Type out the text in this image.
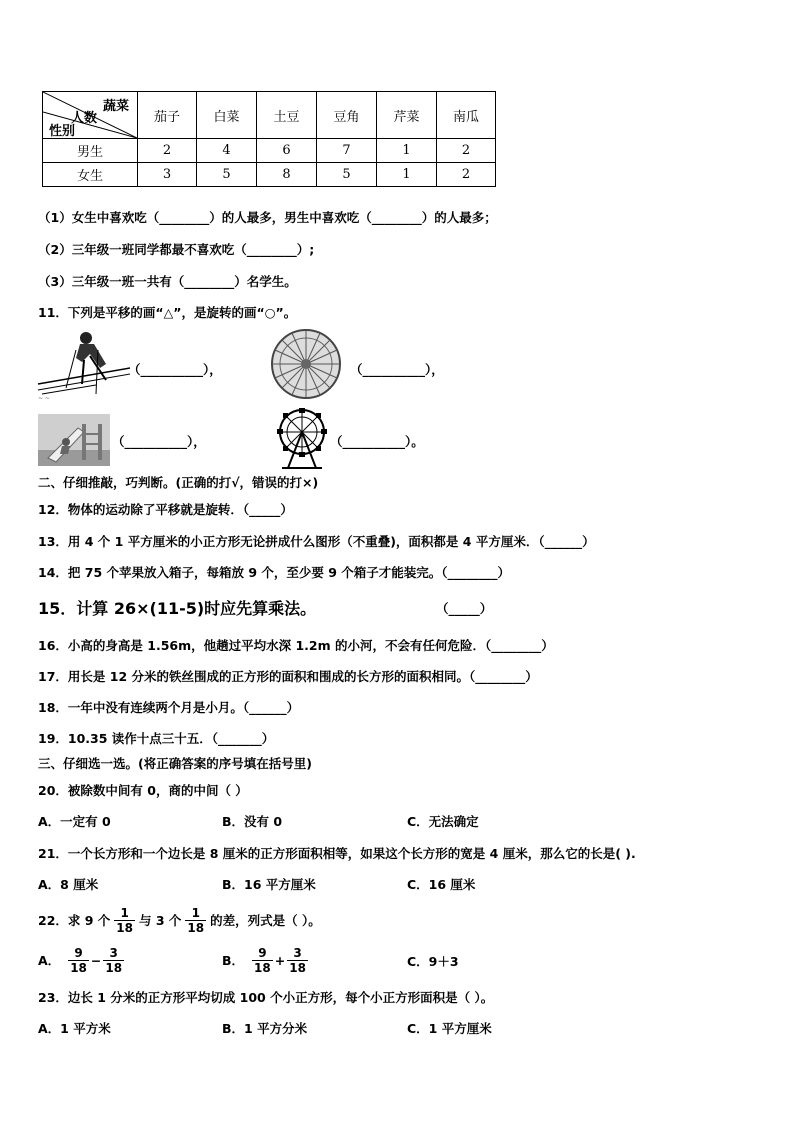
蔬菜
人数
性别	茄子	白菜	土豆	豆角	芹菜	南瓜
男生	2	4	6	7	1	2
女生	3	5	8	5	1	2
（1）女生中喜欢吃（________）的人最多，男生中喜欢吃（________）的人最多；
（2）三年级一班同学都最不喜欢吃（________）;
（3）三年级一班一共有（________）名学生。
11．下列是平移的画“△”，是旋转的画“○”。
~ ~
（__________），	（__________），
（__________），	（__________）。
二、仔细推敲，巧判断。(正确的打√，错误的打×)
12．物体的运动除了平移就是旋转．（_____）
13．用 4 个 1 平方厘米的小正方形无论拼成什么图形（不重叠)，面积都是 4 平方厘米．（______）
14．把 75 个苹果放入箱子，每箱放 9 个，至少要 9 个箱子才能装完。（________）
15．计算 26×(11-5)时应先算乘法。	（_____）
16．小高的身高是 1.56m，他趟过平均水深 1.2m 的小河，不会有任何危险．（________）
17．用长是 12 分米的铁丝围成的正方形的面积和围成的长方形的面积相同。（________）
18．一年中没有连续两个月是小月。（______）
19．10.35 读作十点三十五．（_______）
三、仔细选一选。(将正确答案的序号填在括号里)
20．被除数中间有 0，商的中间（ ）
A．一定有 0	B．没有 0	C．无法确定
21．一个长方形和一个边长是 8 厘米的正方形面积相等，如果这个长方形的宽是 4 厘米，那么它的长是( ).
A．8 厘米	B．16 平方厘米	C．16 厘米
22．求 9 个 $\frac{1}{18}$ 与 3 个 $\frac{1}{18}$ 的差，列式是（ ）。
A． $\frac{9}{18} - \frac{3}{18}$	B． $\frac{9}{18} + \frac{3}{18}$	C．9＋3
23．边长 1 分米的正方形平均切成 100 个小正方形，每个小正方形面积是（ ）。
A．1 平方米	B．1 平方分米	C．1 平方厘米
